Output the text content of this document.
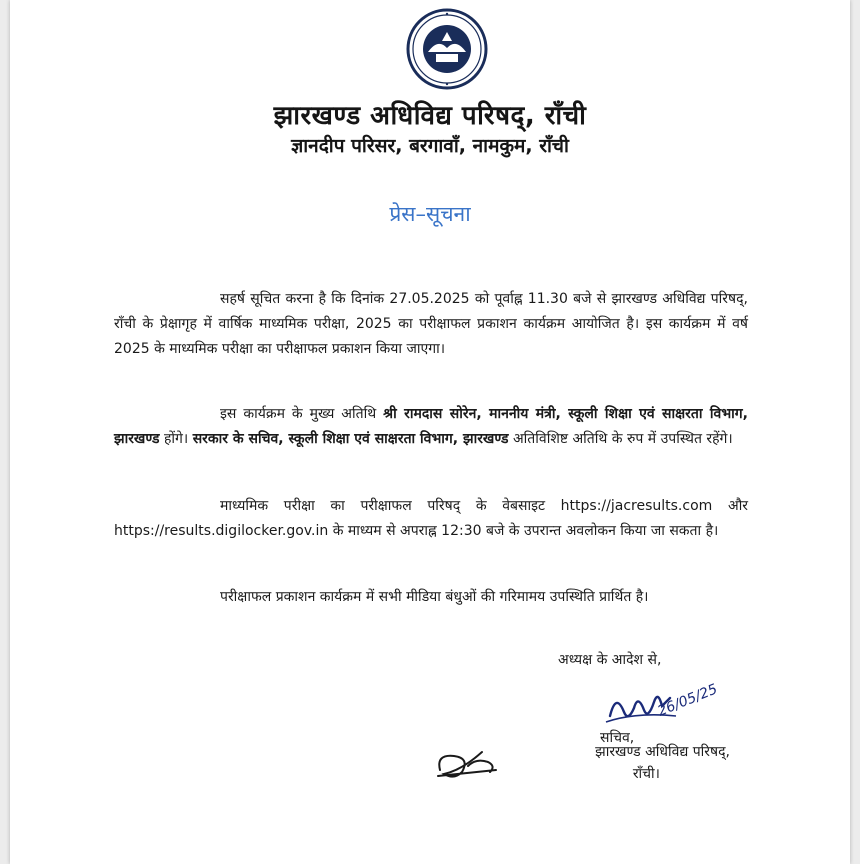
झारखण्ड अधिविद्य परिषद्, राँची
ज्ञानदीप परिसर, बरगावाँ, नामकुम, राँची
प्रेस–सूचना

सहर्ष सूचित करना है कि दिनांक 27.05.2025 को पूर्वाह्न 11.30 बजे से झारखण्ड अधिविद्य परिषद्, राँची के प्रेक्षागृह में वार्षिक माध्यमिक परीक्षा, 2025 का परीक्षाफल प्रकाशन कार्यक्रम आयोजित है। इस कार्यक्रम में वर्ष 2025 के माध्यमिक परीक्षा का परीक्षाफल प्रकाशन किया जाएगा।

इस कार्यक्रम के मुख्य अतिथि श्री रामदास सोरेन, माननीय मंत्री, स्कूली शिक्षा एवं साक्षरता विभाग, झारखण्ड होंगे। सरकार के सचिव, स्कूली शिक्षा एवं साक्षरता विभाग, झारखण्ड अतिविशिष्ट अतिथि के रुप में उपस्थित रहेंगे।

माध्यमिक परीक्षा का परीक्षाफल परिषद् के वेबसाइट https://jacresults.com और https://results.digilocker.gov.in के माध्यम से अपराह्न 12:30 बजे के उपरान्त अवलोकन किया जा सकता है।

परीक्षाफल प्रकाशन कार्यक्रम में सभी मीडिया बंधुओं की गरिमामय उपस्थिति प्रार्थित है।

अध्यक्ष के आदेश से,
26/05/25
सचिव,
झारखण्ड अधिविद्य परिषद्,
राँची।
